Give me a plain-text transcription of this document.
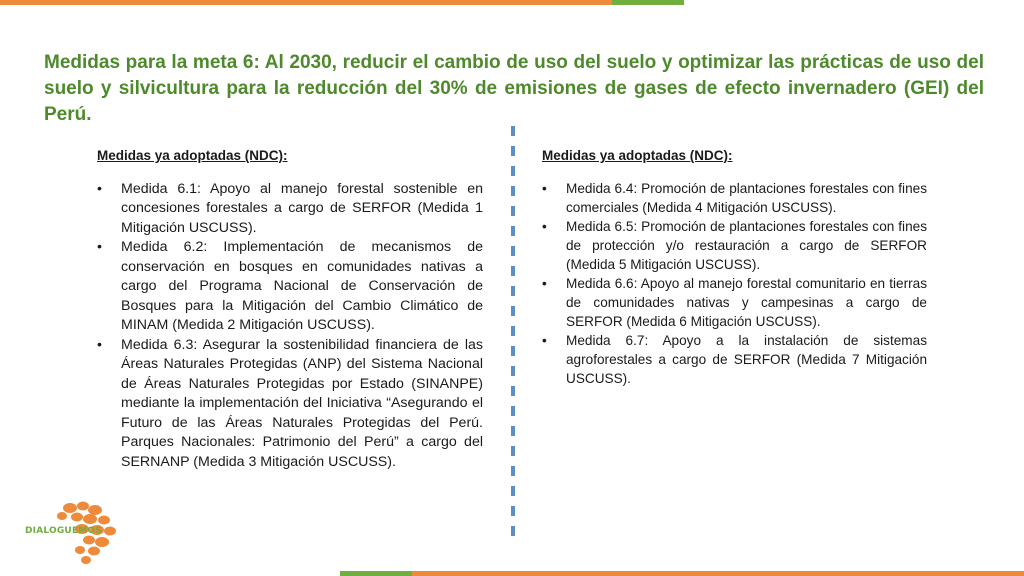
Medidas para la meta 6: Al 2030, reducir el cambio de uso del suelo y optimizar las prácticas de uso del suelo y silvicultura para la reducción del 30% de emisiones de gases de efecto invernadero (GEI) del Perú.

Medidas ya adoptadas (NDC):

• Medida 6.1: Apoyo al manejo forestal sostenible en concesiones forestales a cargo de SERFOR (Medida 1 Mitigación USCUSS).
• Medida 6.2: Implementación de mecanismos de conservación en bosques en comunidades nativas a cargo del Programa Nacional de Conservación de Bosques para la Mitigación del Cambio Climático de MINAM (Medida 2 Mitigación USCUSS).
• Medida 6.3: Asegurar la sostenibilidad financiera de las Áreas Naturales Protegidas (ANP) del Sistema Nacional de Áreas Naturales Protegidas por Estado (SINANPE) mediante la implementación del Iniciativa “Asegurando el Futuro de las Áreas Naturales Protegidas del Perú. Parques Nacionales: Patrimonio del Perú” a cargo del SERNANP (Medida 3 Mitigación USCUSS).

Medidas ya adoptadas (NDC):

• Medida 6.4: Promoción de plantaciones forestales con fines comerciales (Medida 4 Mitigación USCUSS).
• Medida 6.5: Promoción de plantaciones forestales con fines de protección y/o restauración a cargo de SERFOR (Medida 5 Mitigación USCUSS).
• Medida 6.6: Apoyo al manejo forestal comunitario en tierras de comunidades nativas y campesinas a cargo de SERFOR (Medida 6 Mitigación USCUSS).
• Medida 6.7: Apoyo a la instalación de sistemas agroforestales a cargo de SERFOR (Medida 7 Mitigación USCUSS).
DIALOGUEMOS
